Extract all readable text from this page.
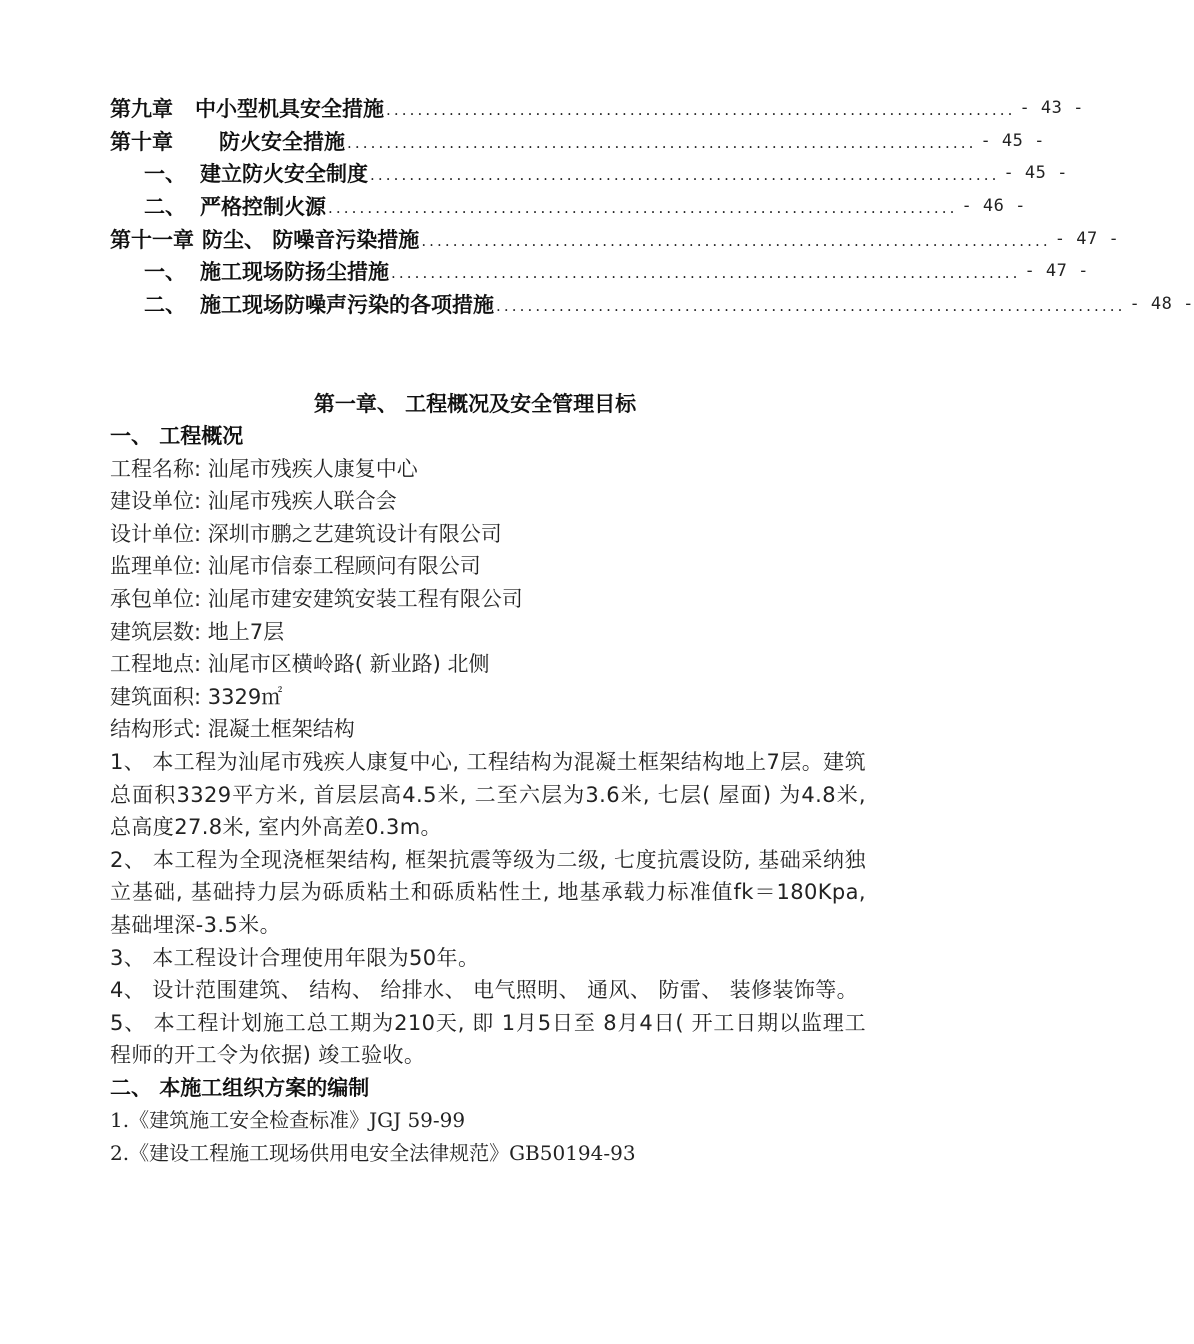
第九章 中小型机具安全措施 ................................................................................ - 43 -
第十章 防火安全措施 ................................................................................ - 45 -
一、 建立防火安全制度 ................................................................................ - 45 -
二、 严格控制火源 ................................................................................ - 46 -
第十一章 防尘、 防噪音污染措施 ................................................................................ - 47 -
一、 施工现场防扬尘措施 ................................................................................ - 47 -
二、 施工现场防噪声污染的各项措施 ................................................................................ - 48 -
第一章、 工程概况及安全管理目标
一、 工程概况
工程名称: 汕尾市残疾人康复中心
建设单位: 汕尾市残疾人联合会
设计单位: 深圳市鹏之艺建筑设计有限公司
监理单位: 汕尾市信泰工程顾问有限公司
承包单位: 汕尾市建安建筑安装工程有限公司
建筑层数: 地上7层
工程地点: 汕尾市区横岭路( 新业路) 北侧
建筑面积: 3329㎡
结构形式: 混凝土框架结构
1、 本工程为汕尾市残疾人康复中心, 工程结构为混凝土框架结构地上7层。建筑总面积3329平方米, 首层层高4.5米, 二至六层为3.6米, 七层( 屋面) 为4.8米, 总高度27.8米, 室内外高差0.3m。
2、 本工程为全现浇框架结构, 框架抗震等级为二级, 七度抗震设防, 基础采纳独立基础, 基础持力层为砾质粘土和砾质粘性土, 地基承载力标准值fk＝180Kpa, 基础埋深-3.5米。
3、 本工程设计合理使用年限为50年。
4、 设计范围建筑、 结构、 给排水、 电气照明、 通风、 防雷、 装修装饰等。
5、 本工程计划施工总工期为210天, 即 1月5日至 8月4日( 开工日期以监理工程师的开工令为依据) 竣工验收。
二、 本施工组织方案的编制
1.《建筑施工安全检查标准》JGJ 59-99
2.《建设工程施工现场供用电安全法律规范》GB50194-93
